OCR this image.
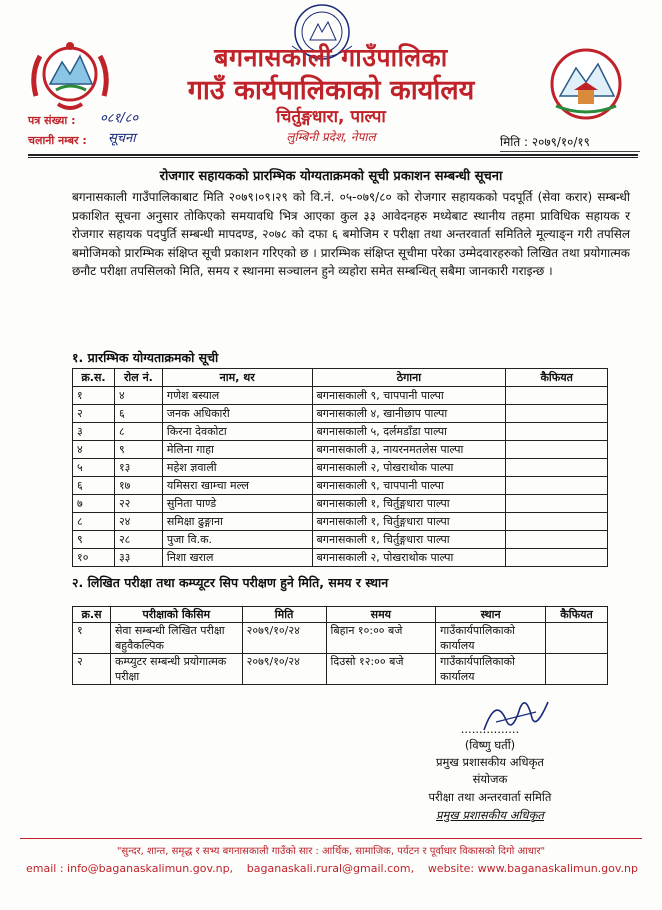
बगनासकाली गाउँपालिका
गाउँ कार्यपालिकाको कार्यालय
चिर्तुङ्गधारा, पाल्पा
लुम्बिनी प्रदेश, नेपाल
पत्र संख्या : ०८१/८०
चलानी नम्बर : सूचना	मिति : २०७९/१०/१९
रोजगार सहायकको प्रारम्भिक योग्यताक्रमको सूची प्रकाशन सम्बन्धी सूचना
बगनासकाली गाउँपालिकाबाट मिति २०७९।०९।२९ को वि.नं. ०५-०७९/८० को रोजगार सहायकको पदपूर्ति (सेवा करार) सम्बन्धी प्रकाशित सूचना अनुसार तोकिएको समयावधि भित्र आएका कुल ३३ आवेदनहरु मध्येबाट स्थानीय तहमा प्राविधिक सहायक र रोजगार सहायक पदपुर्ति सम्बन्धी मापदण्ड, २०७८ को दफा ६ बमोजिम र परीक्षा तथा अन्तरवार्ता समितिले मूल्याङ्न गरी तपसिल बमोजिमको प्रारम्भिक संक्षिप्त सूची प्रकाशन गरिएको छ । प्रारम्भिक संक्षिप्त सूचीमा परेका उम्मेदवारहरुको लिखित तथा प्रयोगात्मक छनौट परीक्षा तपसिलको मिति, समय र स्थानमा सञ्चालन हुने व्यहोरा समेत सम्बन्धित् सबैमा जानकारी गराइन्छ ।
१. प्रारम्भिक योग्यताक्रमको सूची
क्र.स.	रोल नं.	नाम, थर	ठेगाना	कैफियत
१	४	गणेश बस्याल	बगनासकाली ९, चापपानी पाल्पा	
२	६	जनक अधिकारी	बगनासकाली ४, खानीछाप पाल्पा	
३	८	किरना देवकोटा	बगनासकाली ५, दर्लमडाँडा पाल्पा	
४	९	मेलिना गाहा	बगनासकाली ३, नायरनमतलेस पाल्पा	
५	१३	महेश ज्ञवाली	बगनासकाली २, पोखराथोक पाल्पा	
६	१७	यमिसरा खाम्चा मल्ल	बगनासकाली ९, चापपानी पाल्पा	
७	२२	सुनिता पाण्डे	बगनासकाली १, चिर्तुङ्गधारा पाल्पा	
८	२४	समिक्षा ढुङ्गाना	बगनासकाली १, चिर्तुङ्गधारा पाल्पा	
९	२८	पुजा वि.क.	बगनासकाली १, चिर्तुङ्गधारा पाल्पा	
१०	३३	निशा खराल	बगनासकाली २, पोखराथोक पाल्पा	
२. लिखित परीक्षा तथा कम्प्यूटर सिप परीक्षण हुने मिति, समय र स्थान
क्र.स	परीक्षाको किसिम	मिति	समय	स्थान	कैफियत
१	सेवा सम्बन्धी लिखित परीक्षा बहुवैकल्पिक	२०७९/१०/२४	बिहान १०:०० बजे	गाउँकार्यपालिकाको कार्यालय	
२	कम्प्युटर सम्बन्धी प्रयोगात्मक परीक्षा	२०७९/१०/२४	दिउसो १२:०० बजे	गाउँकार्यपालिकाको कार्यालय	
................
(विष्णु घर्ती)
प्रमुख प्रशासकीय अधिकृत
संयोजक
परीक्षा तथा अन्तरवार्ता समिति
प्रमुख प्रशासकीय अधिकृत
"सुन्दर, शान्त, समृद्ध र सभ्य बगनासकाली गाउँको सार : आर्थिक, सामाजिक, पर्यटन र पूर्वाधार विकासको दिगो आधार"
email : info@baganaskalimun.gov.np, baganaskali.rural@gmail.com, website: www.baganaskalimun.gov.np
